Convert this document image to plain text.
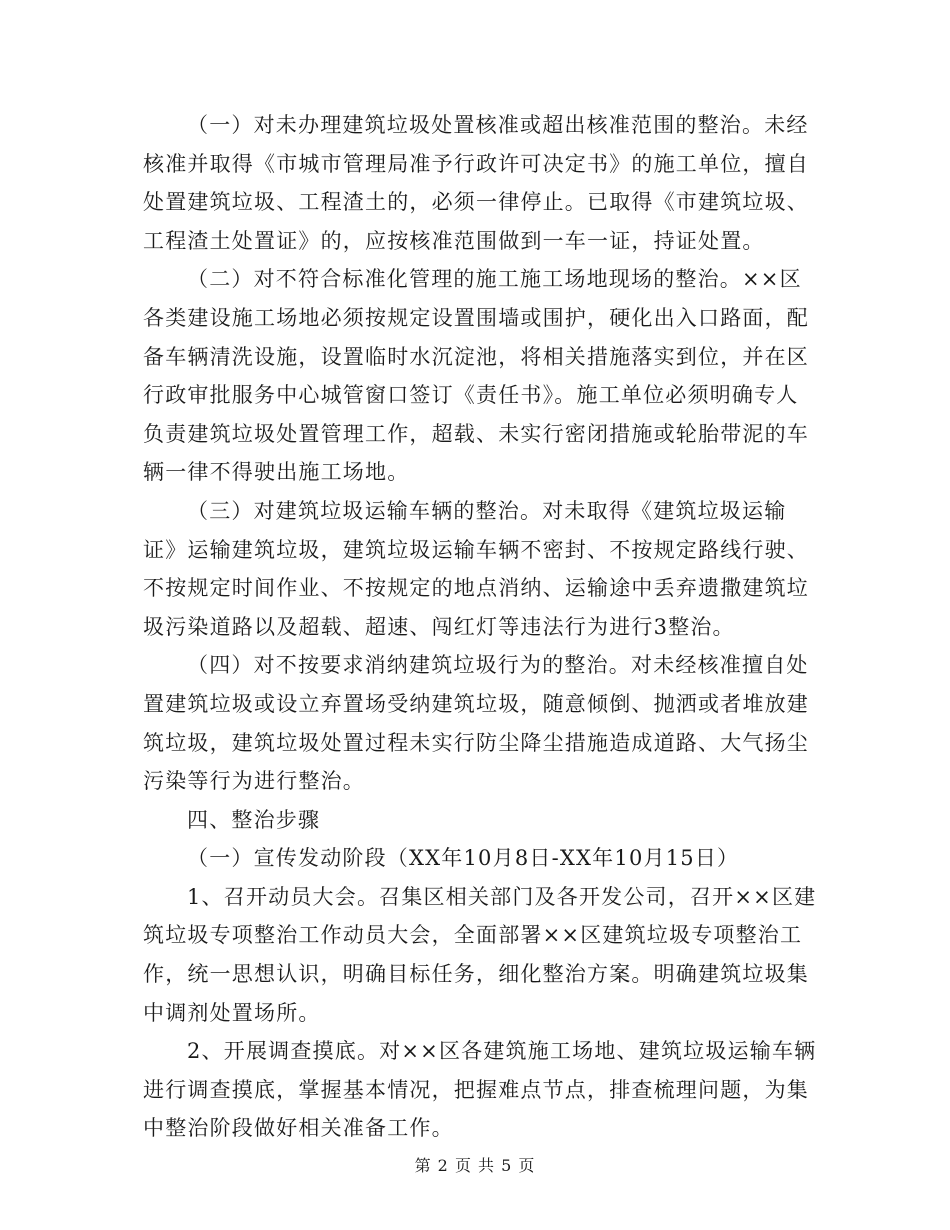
（一）对未办理建筑垃圾处置核准或超出核准范围的整治。未经
核准并取得《市城市管理局准予行政许可决定书》的施工单位，擅自
处置建筑垃圾、工程渣土的，必须一律停止。已取得《市建筑垃圾、
工程渣土处置证》的，应按核准范围做到一车一证，持证处置。
（二）对不符合标准化管理的施工施工场地现场的整治。××区
各类建设施工场地必须按规定设置围墙或围护，硬化出入口路面，配
备车辆清洗设施，设置临时水沉淀池，将相关措施落实到位，并在区
行政审批服务中心城管窗口签订《责任书》。施工单位必须明确专人
负责建筑垃圾处置管理工作，超载、未实行密闭措施或轮胎带泥的车
辆一律不得驶出施工场地。
（三）对建筑垃圾运输车辆的整治。对未取得《建筑垃圾运输
证》运输建筑垃圾，建筑垃圾运输车辆不密封、不按规定路线行驶、
不按规定时间作业、不按规定的地点消纳、运输途中丢弃遗撒建筑垃
圾污染道路以及超载、超速、闯红灯等违法行为进行3整治。
（四）对不按要求消纳建筑垃圾行为的整治。对未经核准擅自处
置建筑垃圾或设立弃置场受纳建筑垃圾，随意倾倒、抛洒或者堆放建
筑垃圾，建筑垃圾处置过程未实行防尘降尘措施造成道路、大气扬尘
污染等行为进行整治。
四、整治步骤
（一）宣传发动阶段（XX年10月8日-XX年10月15日）
1、召开动员大会。召集区相关部门及各开发公司，召开××区建
筑垃圾专项整治工作动员大会，全面部署××区建筑垃圾专项整治工
作，统一思想认识，明确目标任务，细化整治方案。明确建筑垃圾集
中调剂处置场所。
2、开展调查摸底。对××区各建筑施工场地、建筑垃圾运输车辆
进行调查摸底，掌握基本情况，把握难点节点，排查梳理问题，为集
中整治阶段做好相关准备工作。
第 2 页 共 5 页
